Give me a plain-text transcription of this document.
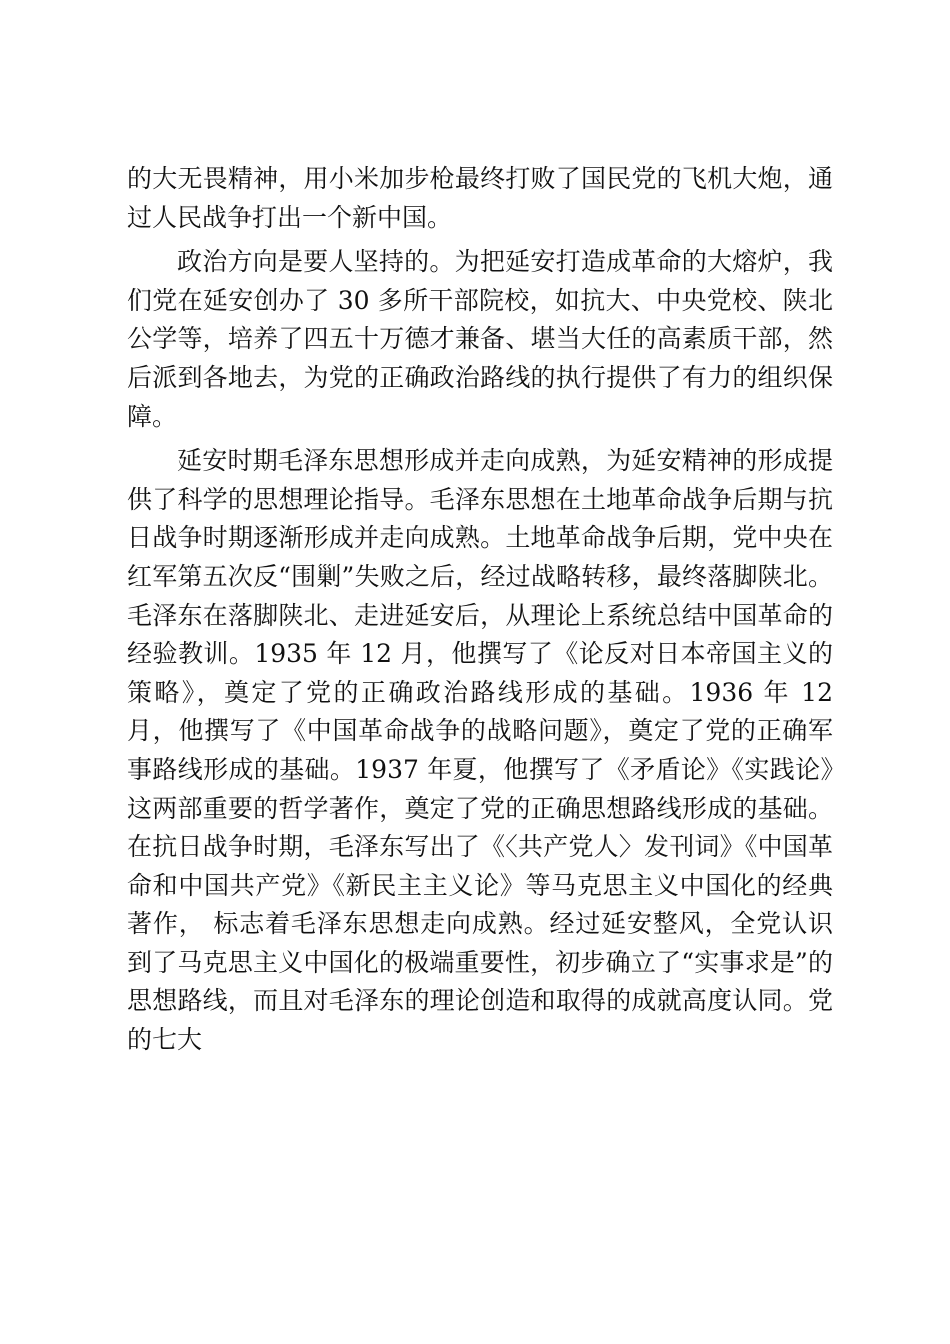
的大无畏精神，用小米加步枪最终打败了国民党的飞机大炮，通过人民战争打出一个新中国。

政治方向是要人坚持的。为把延安打造成革命的大熔炉，我们党在延安创办了 30 多所干部院校，如抗大、中央党校、陕北公学等，培养了四五十万德才兼备、堪当大任的高素质干部，然后派到各地去，为党的正确政治路线的执行提供了有力的组织保障。

延安时期毛泽东思想形成并走向成熟，为延安精神的形成提供了科学的思想理论指导。毛泽东思想在土地革命战争后期与抗日战争时期逐渐形成并走向成熟。土地革命战争后期，党中央在红军第五次反“围剿”失败之后，经过战略转移，最终落脚陕北。毛泽东在落脚陕北、走进延安后，从理论上系统总结中国革命的经验教训。1935 年 12 月，他撰写了《论反对日本帝国主义的策略》，奠定了党的正确政治路线形成的基础。1936 年 12 月，他撰写了《中国革命战争的战略问题》，奠定了党的正确军事路线形成的基础。1937 年夏，他撰写了《矛盾论》《实践论》这两部重要的哲学著作，奠定了党的正确思想路线形成的基础。在抗日战争时期，毛泽东写出了《〈共产党人〉发刊词》《中国革命和中国共产党》《新民主主义论》等马克思主义中国化的经典著作， 标志着毛泽东思想走向成熟。经过延安整风，全党认识到了马克思主义中国化的极端重要性，初步确立了“实事求是”的思想路线，而且对毛泽东的理论创造和取得的成就高度认同。党的七大
